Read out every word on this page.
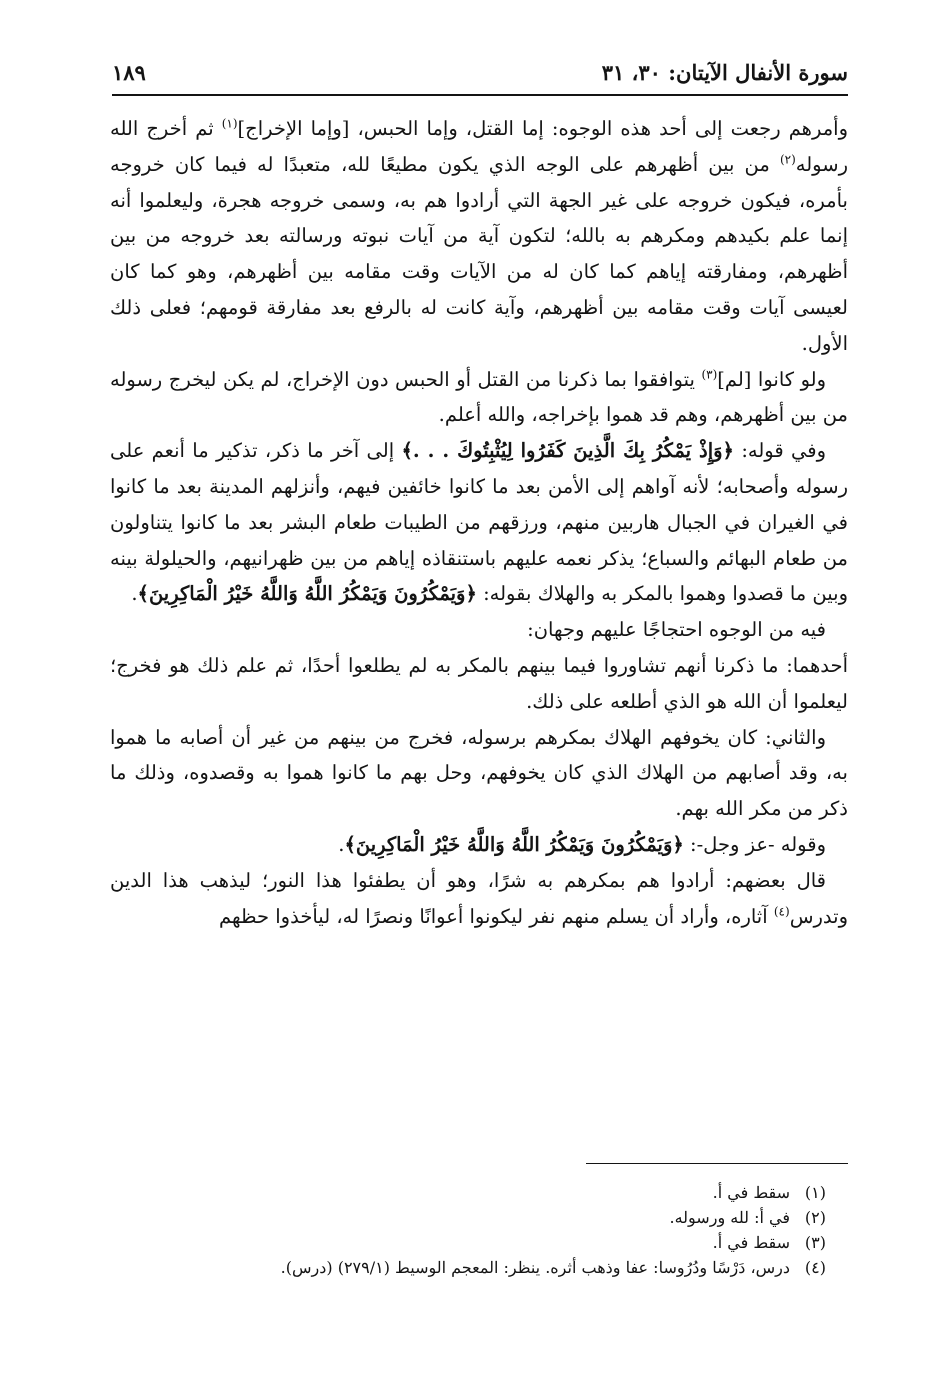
سورة الأنفال الآيتان: ٣٠، ٣١
١٨٩

وأمرهم رجعت إلى أحد هذه الوجوه: إما القتل، وإما الحبس، [وإما الإخراج]$^{(١)}$ ثم أخرج الله رسوله$^{(٢)}$ من بين أظهرهم على الوجه الذي يكون مطيعًا لله، متعبدًا له فيما كان خروجه بأمره، فيكون خروجه على غير الجهة التي أرادوا هم به، وسمى خروجه هجرة، وليعلموا أنه إنما علم بكيدهم ومكرهم به بالله؛ لتكون آية من آيات نبوته ورسالته بعد خروجه من بين أظهرهم، ومفارقته إياهم كما كان له من الآيات وقت مقامه بين أظهرهم، وهو كما كان لعيسى آيات وقت مقامه بين أظهرهم، وآية كانت له بالرفع بعد مفارقة قومهم؛ فعلى ذلك الأول.

ولو كانوا [لم]$^{(٣)}$ يتوافقوا بما ذكرنا من القتل أو الحبس دون الإخراج، لم يكن ليخرج رسوله من بين أظهرهم، وهم قد هموا بإخراجه، والله أعلم.

وفي قوله: ﴿وَإِذْ يَمْكُرُ بِكَ الَّذِينَ كَفَرُوا لِيُثْبِتُوكَ . . .﴾ إلى آخر ما ذكر، تذكير ما أنعم على رسوله وأصحابه؛ لأنه آواهم إلى الأمن بعد ما كانوا خائفين فيهم، وأنزلهم المدينة بعد ما كانوا في الغيران في الجبال هاربين منهم، ورزقهم من الطيبات طعام البشر بعد ما كانوا يتناولون من طعام البهائم والسباع؛ يذكر نعمه عليهم باستنقاذه إياهم من بين ظهرانيهم، والحيلولة بينه وبين ما قصدوا وهموا بالمكر به والهلاك بقوله: ﴿وَيَمْكُرُونَ وَيَمْكُرُ اللَّهُ وَاللَّهُ خَيْرُ الْمَاكِرِينَ﴾.

فيه من الوجوه احتجاجًا عليهم وجهان:

أحدهما: ما ذكرنا أنهم تشاوروا فيما بينهم بالمكر به لم يطلعوا أحدًا، ثم علم ذلك هو فخرج؛ ليعلموا أن الله هو الذي أطلعه على ذلك.

والثاني: كان يخوفهم الهلاك بمكرهم برسوله، فخرج من بينهم من غير أن أصابه ما هموا به، وقد أصابهم من الهلاك الذي كان يخوفهم، وحل بهم ما كانوا هموا به وقصدوه، وذلك ما ذكر من مكر الله بهم.

وقوله -عز وجل-: ﴿وَيَمْكُرُونَ وَيَمْكُرُ اللَّهُ وَاللَّهُ خَيْرُ الْمَاكِرِينَ﴾.

قال بعضهم: أرادوا هم بمكرهم به شرًا، وهو أن يطفئوا هذا النور؛ ليذهب هذا الدين وتدرس$^{(٤)}$ آثاره، وأراد أن يسلم منهم نفر ليكونوا أعوانًا ونصرًا له، ليأخذوا حظهم

(١)سقط في أ.
(٢)في أ: لله ورسوله.
(٣)سقط في أ.
(٤)درس، دَرْسًا ودُرُوسا: عفا وذهب أثره. ينظر: المعجم الوسيط (٢٧٩/١) (درس).
